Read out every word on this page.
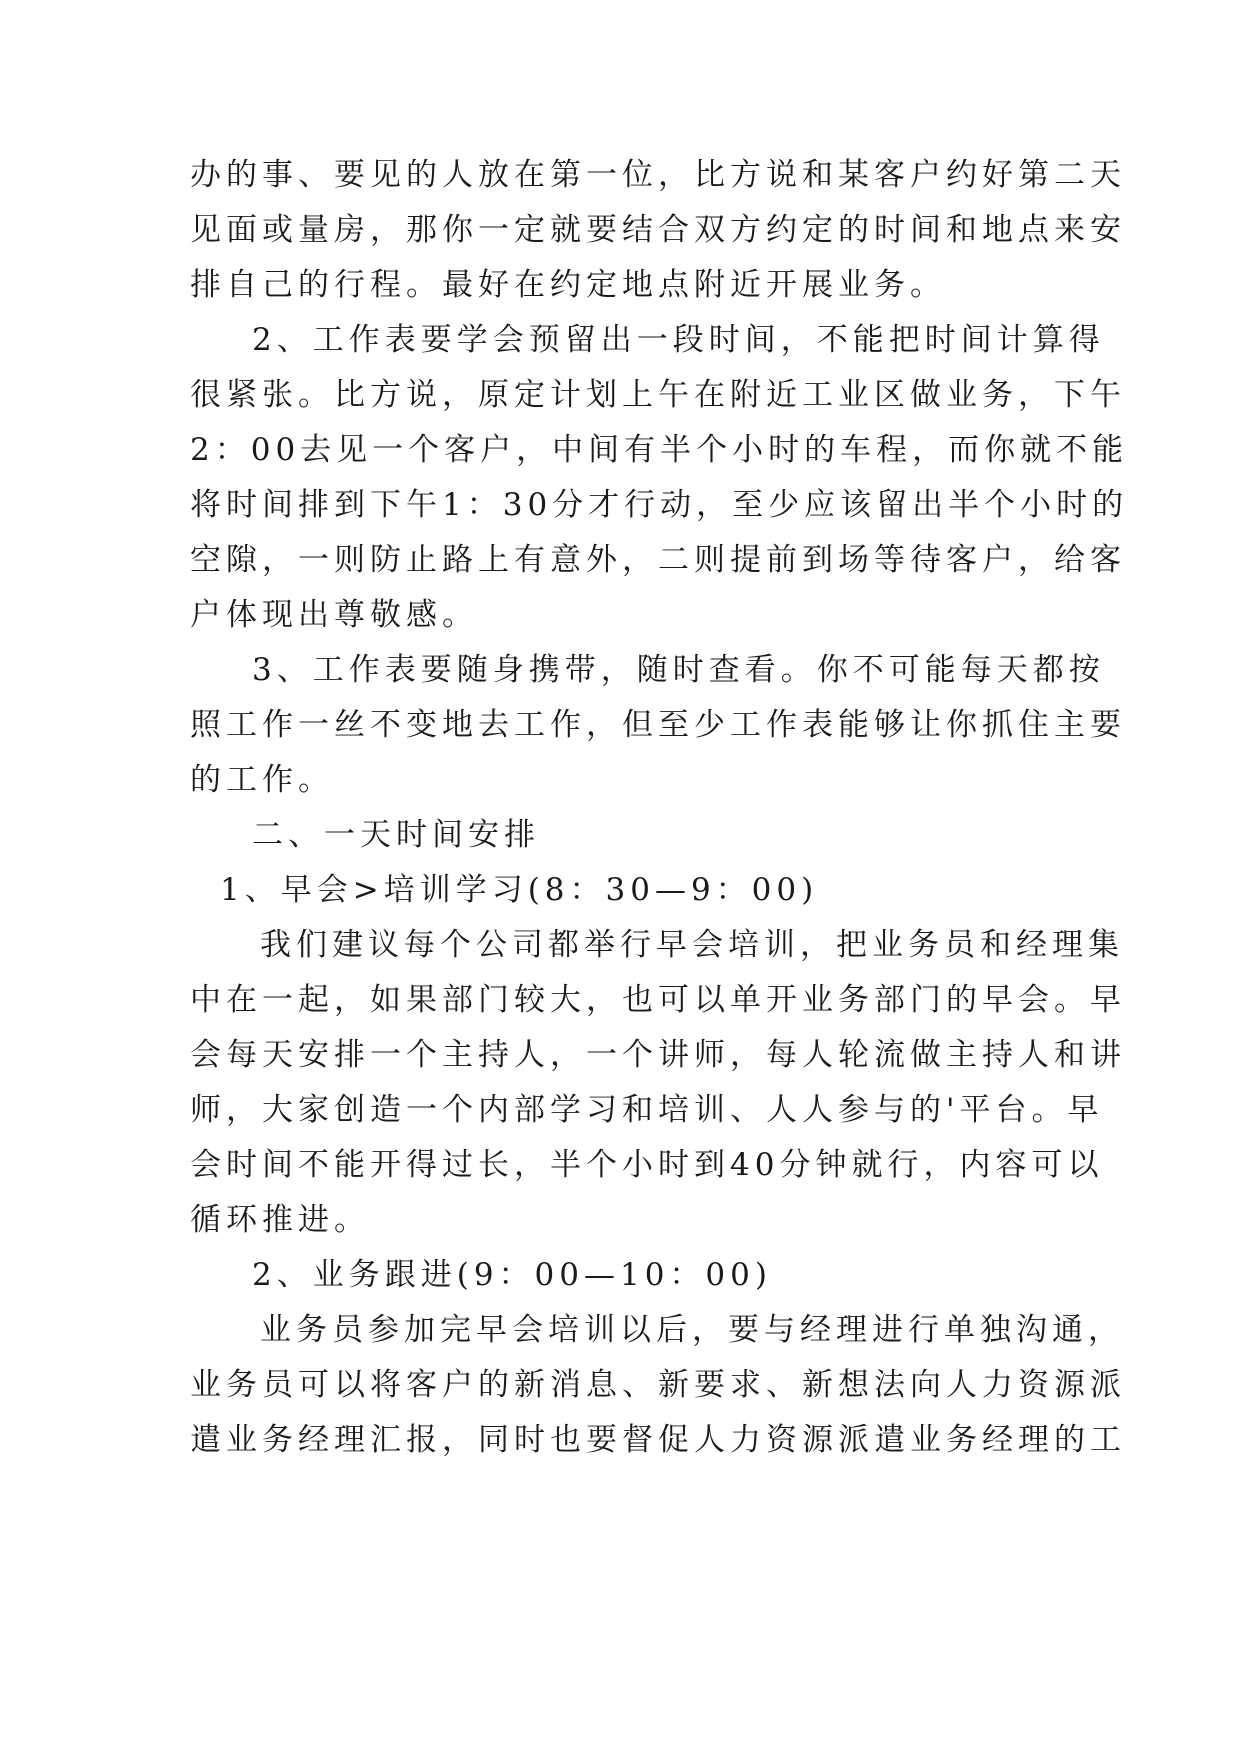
办的事、要见的人放在第一位，比方说和某客户约好第二天
见面或量房，那你一定就要结合双方约定的时间和地点来安
排自己的行程。最好在约定地点附近开展业务。
2、工作表要学会预留出一段时间，不能把时间计算得
很紧张。比方说，原定计划上午在附近工业区做业务，下午
2：00去见一个客户，中间有半个小时的车程，而你就不能
将时间排到下午1：30分才行动，至少应该留出半个小时的
空隙，一则防止路上有意外，二则提前到场等待客户，给客
户体现出尊敬感。
3、工作表要随身携带，随时查看。你不可能每天都按
照工作一丝不变地去工作，但至少工作表能够让你抓住主要
的工作。
二、一天时间安排
1、早会>培训学习(8：30—9：00)
我们建议每个公司都举行早会培训，把业务员和经理集
中在一起，如果部门较大，也可以单开业务部门的早会。早
会每天安排一个主持人，一个讲师，每人轮流做主持人和讲
师，大家创造一个内部学习和培训、人人参与的'平台。早
会时间不能开得过长，半个小时到40分钟就行，内容可以
循环推进。
2、业务跟进(9：00—10：00)
业务员参加完早会培训以后，要与经理进行单独沟通，
业务员可以将客户的新消息、新要求、新想法向人力资源派
遣业务经理汇报，同时也要督促人力资源派遣业务经理的工
